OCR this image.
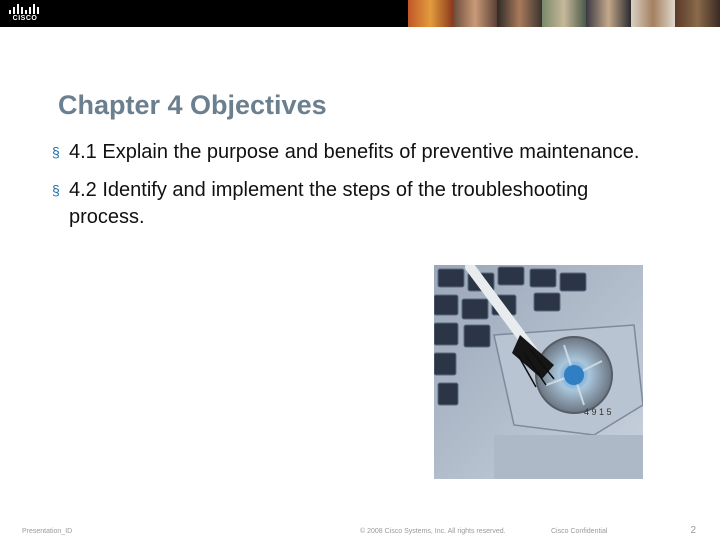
CISCO
Chapter 4 Objectives
§ 4.1 Explain the purpose and benefits of preventive maintenance.
§ 4.2 Identify and implement the steps of the troubleshooting process.
4 9 1 5
Presentation_ID	© 2008 Cisco Systems, Inc. All rights reserved.	Cisco Confidential	2
